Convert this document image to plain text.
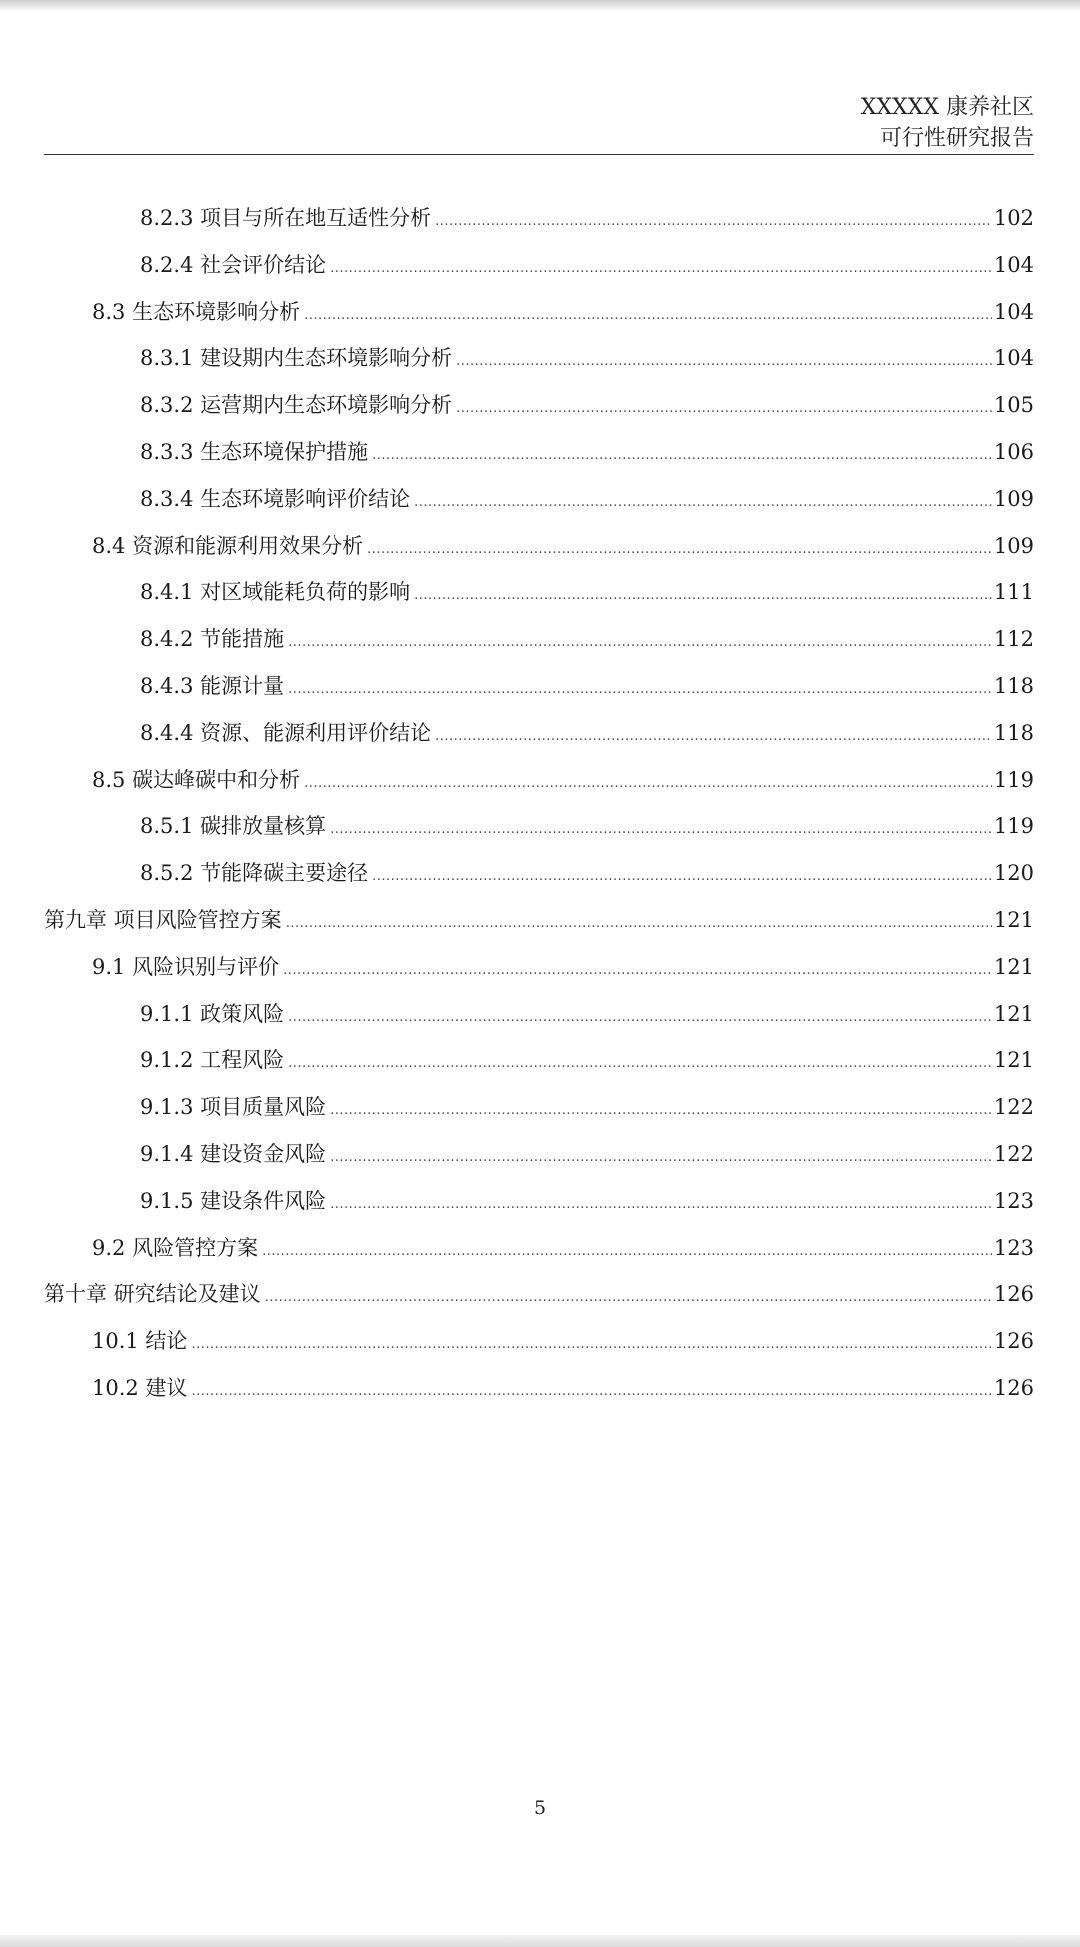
XXXXX 康养社区
可行性研究报告
8.2.3 项目与所在地互适性分析 .....	102
8.2.4 社会评价结论 .....	104
8.3 生态环境影响分析 .....	104
8.3.1 建设期内生态环境影响分析 .....	104
8.3.2 运营期内生态环境影响分析 .....	105
8.3.3 生态环境保护措施 .....	106
8.3.4 生态环境影响评价结论 .....	109
8.4 资源和能源利用效果分析 .....	109
8.4.1 对区域能耗负荷的影响 .....	111
8.4.2 节能措施 .....	112
8.4.3 能源计量 .....	118
8.4.4 资源、能源利用评价结论 .....	118
8.5 碳达峰碳中和分析 .....	119
8.5.1 碳排放量核算 .....	119
8.5.2 节能降碳主要途径 .....	120
第九章 项目风险管控方案 .....	121
9.1 风险识别与评价 .....	121
9.1.1 政策风险 .....	121
9.1.2 工程风险 .....	121
9.1.3 项目质量风险 .....	122
9.1.4 建设资金风险 .....	122
9.1.5 建设条件风险 .....	123
9.2 风险管控方案 .....	123
第十章 研究结论及建议 .....	126
10.1 结论 .....	126
10.2 建议 .....	126
5
